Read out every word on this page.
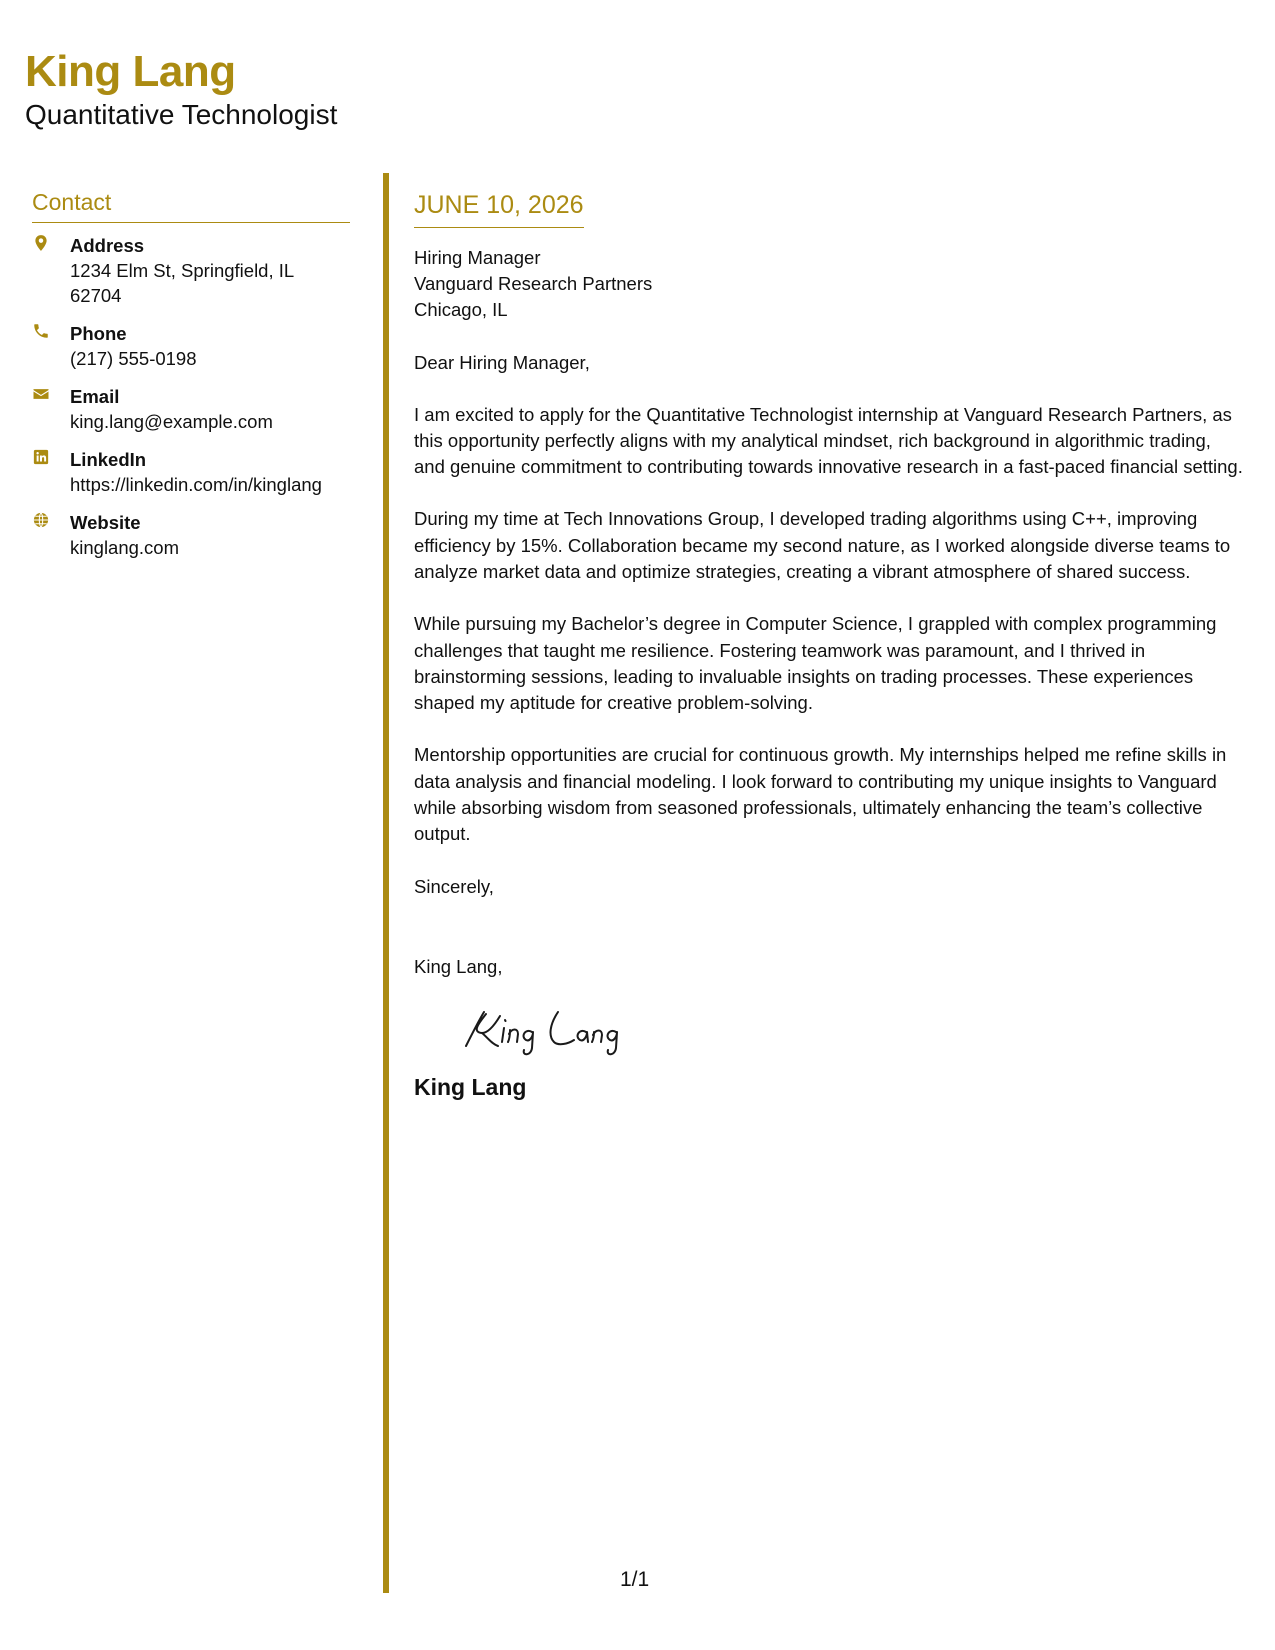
King Lang
Quantitative Technologist
Contact
Address
1234 Elm St, Springfield, IL 62704
Phone
(217) 555-0198
Email
king.lang@example.com
LinkedIn
https://linkedin.com/in/kinglang
Website
kinglang.com
JUNE 10, 2026
Hiring Manager
Vanguard Research Partners
Chicago, IL
Dear Hiring Manager,
I am excited to apply for the Quantitative Technologist internship at Vanguard Research Partners, as this opportunity perfectly aligns with my analytical mindset, rich background in algorithmic trading, and genuine commitment to contributing towards innovative research in a fast-paced financial setting.
During my time at Tech Innovations Group, I developed trading algorithms using C++, improving efficiency by 15%. Collaboration became my second nature, as I worked alongside diverse teams to analyze market data and optimize strategies, creating a vibrant atmosphere of shared success.
While pursuing my Bachelor’s degree in Computer Science, I grappled with complex programming challenges that taught me resilience. Fostering teamwork was paramount, and I thrived in brainstorming sessions, leading to invaluable insights on trading processes. These experiences shaped my aptitude for creative problem-solving.
Mentorship opportunities are crucial for continuous growth. My internships helped me refine skills in data analysis and financial modeling. I look forward to contributing my unique insights to Vanguard while absorbing wisdom from seasoned professionals, ultimately enhancing the team’s collective output.
Sincerely,
King Lang,
King Lang
1/1
